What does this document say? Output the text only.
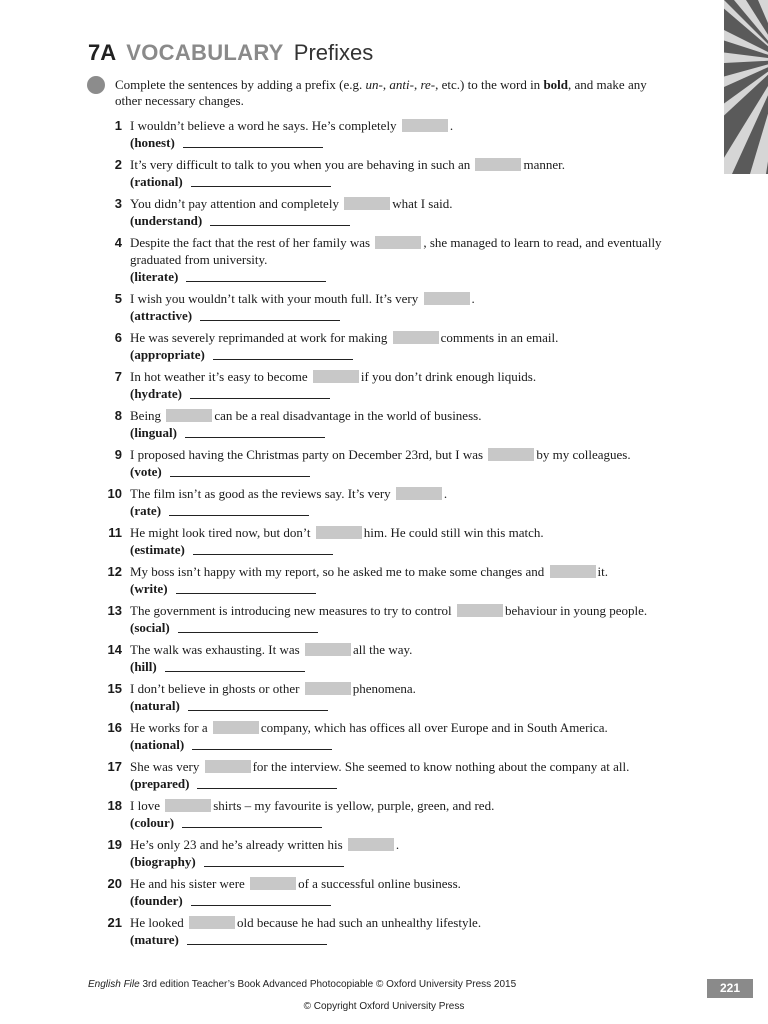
7A VOCABULARY Prefixes
Complete the sentences by adding a prefix (e.g. un-, anti-, re-, etc.) to the word in bold, and make any other necessary changes.
1 I wouldn’t believe a word he says. He’s completely	.
(honest)
2 It’s very difficult to talk to you when you are behaving in such an	manner.
(rational)
3 You didn’t pay attention and completely	what I said.
(understand)
4 Despite the fact that the rest of her family was	, she managed to learn to read, and eventually graduated from university.
(literate)
5 I wish you wouldn’t talk with your mouth full. It’s very	.
(attractive)
6 He was severely reprimanded at work for making	comments in an email.
(appropriate)
7 In hot weather it’s easy to become	if you don’t drink enough liquids.
(hydrate)
8 Being	can be a real disadvantage in the world of business.
(lingual)
9 I proposed having the Christmas party on December 23rd, but I was	by my colleagues.
(vote)
10 The film isn’t as good as the reviews say. It’s very	.
(rate)
11 He might look tired now, but don’t	him. He could still win this match.
(estimate)
12 My boss isn’t happy with my report, so he asked me to make some changes and	it.
(write)
13 The government is introducing new measures to try to control	behaviour in young people.
(social)
14 The walk was exhausting. It was	all the way.
(hill)
15 I don’t believe in ghosts or other	phenomena.
(natural)
16 He works for a	company, which has offices all over Europe and in South America.
(national)
17 She was very	for the interview. She seemed to know nothing about the company at all.
(prepared)
18 I love	shirts – my favourite is yellow, purple, green, and red.
(colour)
19 He’s only 23 and he’s already written his	.
(biography)
20 He and his sister were	of a successful online business.
(founder)
21 He looked	old because he had such an unhealthy lifestyle.
(mature)
English File 3rd edition Teacher’s Book Advanced Photocopiable © Oxford University Press 2015	221
© Copyright Oxford University Press
